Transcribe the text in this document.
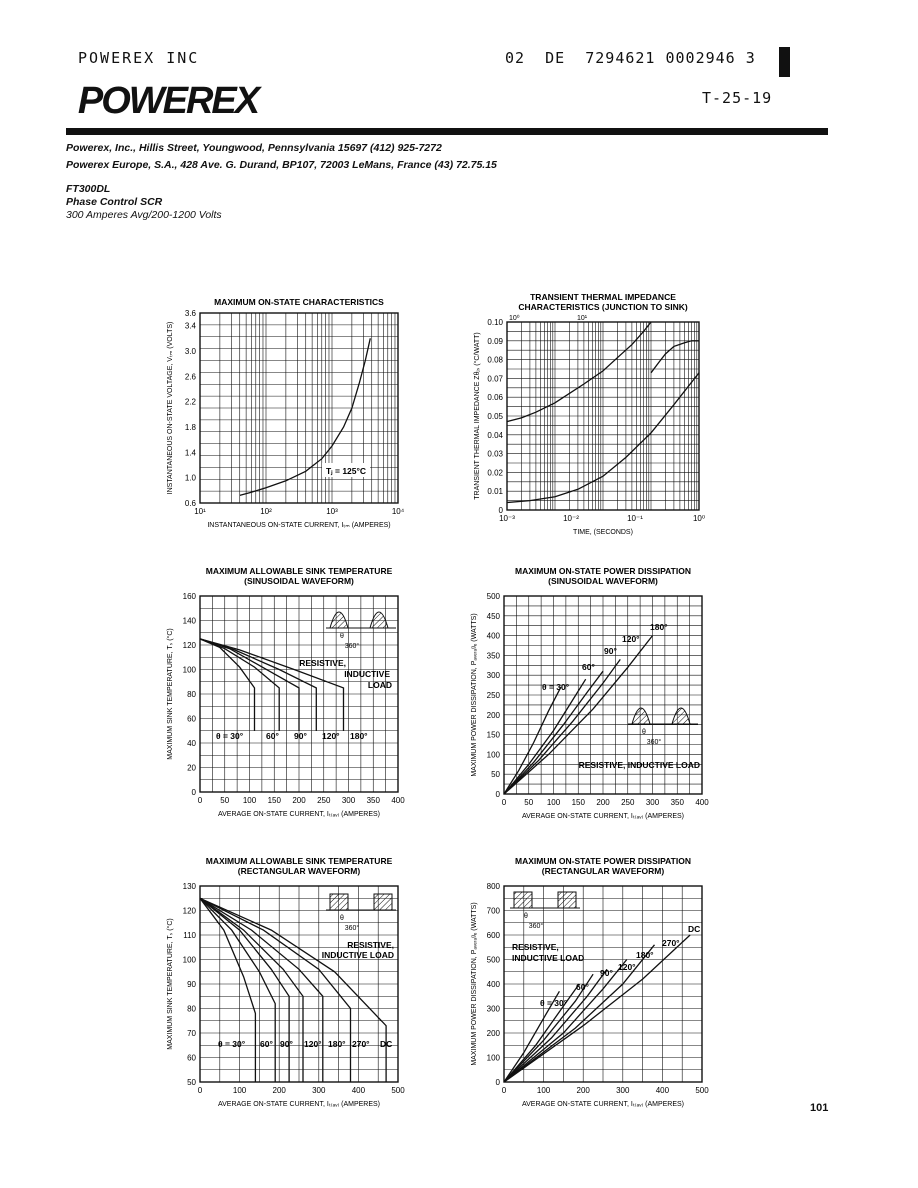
POWEREX INC	02  DE  7294621 0002946 3
T-25-19
POWEREX
Powerex, Inc., Hillis Street, Youngwood, Pennsylvania 15697 (412) 925-7272
Powerex Europe, S.A., 428 Ave. G. Durand, BP107, 72003 LeMans, France (43) 72.75.15
FT300DL
Phase Control SCR
300 Amperes Avg/200-1200 Volts
MAXIMUM ON-STATE CHARACTERISTICS
10¹	10²	10³	10⁴
0.6
1.0
1.4
1.8
2.2
2.6
3.0
3.4
3.6
INSTANTANEOUS ON-STATE CURRENT, Iₜₘ (AMPERES)
INSTANTANEOUS ON-STATE VOLTAGE, Vₜₘ (VOLTS)	Tⱼ = 125°C
TRANSIENT THERMAL IMPEDANCE
CHARACTERISTICS (JUNCTION TO SINK)
10⁻³	10⁻²	10⁻¹	10⁰
10⁰	10¹
0
0.01
0.02
0.03
0.04
0.05
0.06
0.07
0.08
0.09
0.10
TIME, (SECONDS)
TRANSIENT THERMAL IMPEDANCE Zθⱼₛ (°C/WATT)
MAXIMUM ALLOWABLE SINK TEMPERATURE
(SINUSOIDAL WAVEFORM)
0 50 100 150 200 250 300 350 400
0
20
40
60
80
100
120
140
160
AVERAGE ON-STATE CURRENT, Iₜ₍ₐᵥ₎ (AMPERES)
MAXIMUM SINK TEMPERATURE, Tₛ (°C)	θ
360°
RESISTIVE,
INDUCTIVE
LOAD
θ = 30°	60° 90° 120° 180°
MAXIMUM ON-STATE POWER DISSIPATION
(SINUSOIDAL WAVEFORM)
0 50 100 150 200 250 300 350 400
0
50
100
150
200
250
300
350
400
450
500
AVERAGE ON-STATE CURRENT, Iₜ₍ₐᵥ₎ (AMPERES)
MAXIMUM POWER DISSIPATION, Pₐᵥₑᵣₐᵍₑ (WATTS)	θ
360°
RESISTIVE, INDUCTIVE LOAD
θ = 30°
60°
90°
120°
180°
MAXIMUM ALLOWABLE SINK TEMPERATURE
(RECTANGULAR WAVEFORM)
0	100	200	300	400	500
50
60
70
80
90
100
110
120
130
AVERAGE ON-STATE CURRENT, Iₜ₍ₐᵥ₎ (AMPERES)
MAXIMUM SINK TEMPERATURE, Tₛ (°C)	θ
360°
RESISTIVE,
INDUCTIVE LOAD
θ = 30° 60° 90° 120° 180° 270° DC
MAXIMUM ON-STATE POWER DISSIPATION
(RECTANGULAR WAVEFORM)
0	100	200	300	400	500
0
100
200
300
400
500
600
700
800
AVERAGE ON-STATE CURRENT, Iₜ₍ₐᵥ₎ (AMPERES)
MAXIMUM POWER DISSIPATION, Pₐᵥₑᵣₐᵍₑ (WATTS)	θ
360°
RESISTIVE,
INDUCTIVE LOAD
θ = 30°
60°
90°
120°
180°
270°
DC
101
